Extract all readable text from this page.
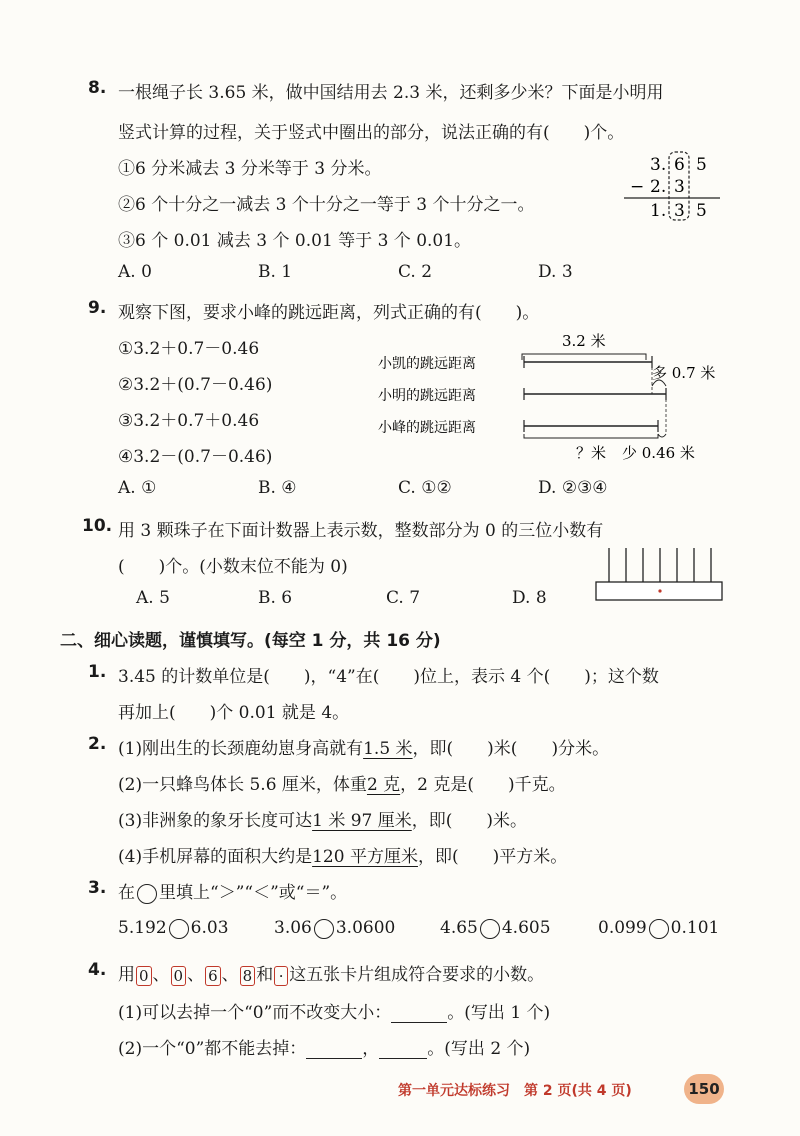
8. 一根绳子长 3.65 米，做中国结用去 2.3 米，还剩多少米？下面是小明用
竖式计算的过程，关于竖式中圈出的部分，说法正确的有(　　)个。
①6 分米减去 3 分米等于 3 分米。
②6 个十分之一减去 3 个十分之一等于 3 个十分之一。
③6 个 0.01 减去 3 个 0.01 等于 3 个 0.01。
A. 0	B. 1	C. 2	D. 3
3. 6 5
− 2. 3
1. 3 5
9. 观察下图，要求小峰的跳远距离，列式正确的有(　　)。
①3.2＋0.7－0.46
②3.2＋(0.7－0.46)
③3.2＋0.7＋0.46
④3.2－(0.7－0.46)
A. ①	B. ④	C. ①②	D. ②③④
3.2 米
小凯的跳远距离
小明的跳远距离
多 0.7 米
小峰的跳远距离
？米 少 0.46 米
10. 用 3 颗珠子在下面计数器上表示数，整数部分为 0 的三位小数有
(　　)个。(小数末位不能为 0)
A. 5	B. 6	C. 7	D. 8
二、细心读题，谨慎填写。(每空 1 分，共 16 分)
1. 3.45 的计数单位是(　　)，“4”在(　　)位上，表示 4 个(　　)；这个数
再加上(　　)个 0.01 就是 4。
2. (1)刚出生的长颈鹿幼崽身高就有1.5 米，即(　　)米(　　)分米。
(2)一只蜂鸟体长 5.6 厘米，体重2 克，2 克是(　　)千克。
(3)非洲象的象牙长度可达1 米 97 厘米，即(　　)米。
(4)手机屏幕的面积大约是120 平方厘米，即(　　)平方米。
3. 在 里填上“＞”“＜”或“＝”。
5.192 6.03	3.06 3.0600	4.65 4.605	0.099 0.101
4. 用 0 、 0 、 6 、 8 和 · 这五张卡片组成符合要求的小数。
(1)可以去掉一个“0”而不改变大小：	。(写出 1 个)
(2)一个“0”都不能去掉：	，	。(写出 2 个)
第一单元达标练习　第 2 页(共 4 页)	150
